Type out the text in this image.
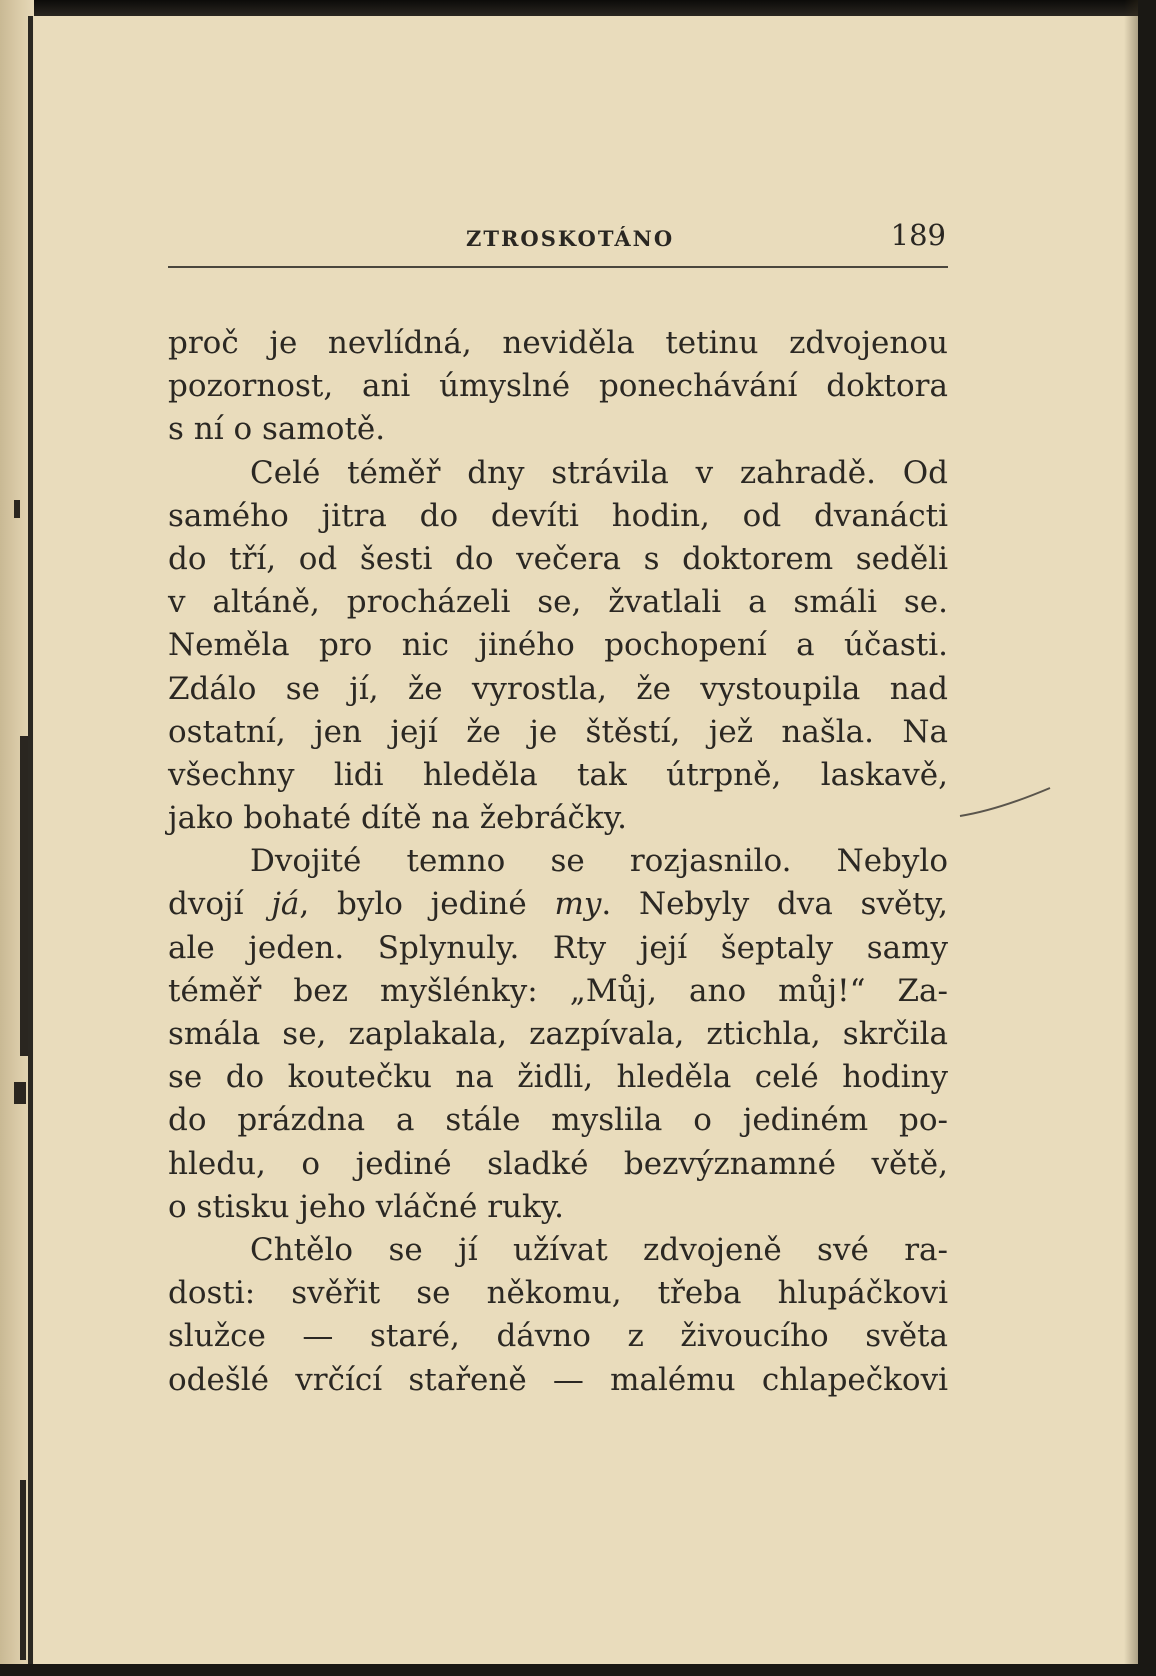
ZTROSKOTÁNO	189
proč je nevlídná, neviděla tetinu zdvojenou
pozornost, ani úmyslné ponechávání doktora
s ní o samotě.
Celé téměř dny strávila v zahradě. Od
samého jitra do devíti hodin, od dvanácti
do tří, od šesti do večera s doktorem seděli
v altáně, procházeli se, žvatlali a smáli se.
Neměla pro nic jiného pochopení a účasti.
Zdálo se jí, že vyrostla, že vystoupila nad
ostatní, jen její že je štěstí, jež našla. Na
všechny lidi hleděla tak útrpně, laskavě,
jako bohaté dítě na žebráčky.
Dvojité temno se rozjasnilo. Nebylo
dvojí já, bylo jediné my. Nebyly dva světy,
ale jeden. Splynuly. Rty její šeptaly samy
téměř bez myšlénky: „Můj, ano můj!“ Za-
smála se, zaplakala, zazpívala, ztichla, skrčila
se do koutečku na židli, hleděla celé hodiny
do prázdna a stále myslila o jediném po-
hledu, o jediné sladké bezvýznamné větě,
o stisku jeho vláčné ruky.
Chtělo se jí užívat zdvojeně své ra-
dosti: svěřit se někomu, třeba hlupáčkovi
služce — staré, dávno z živoucího světa
odešlé vrčící stařeně — malému chlapečkovi
